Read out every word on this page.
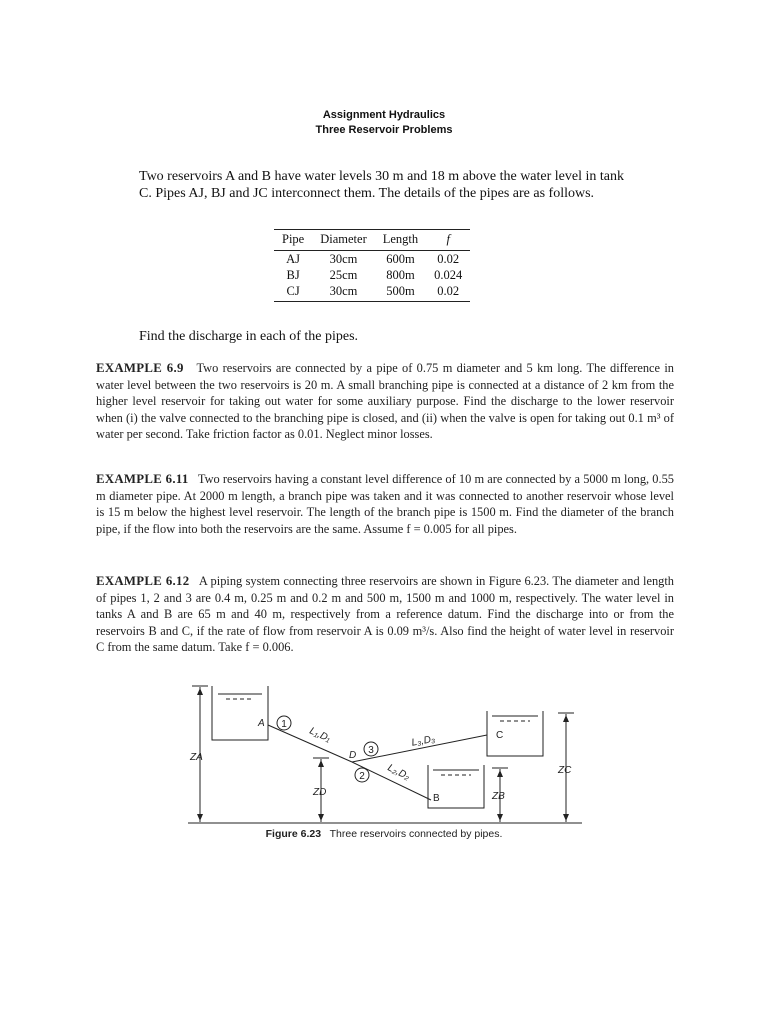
Assignment Hydraulics
Three Reservoir Problems
Two reservoirs A and B have water levels 30 m and 18 m above the water level in tank
C. Pipes AJ, BJ and JC interconnect them. The details of the pipes are as follows.
Pipe	Diameter	Length	f
AJ	30cm	600m	0.02
BJ	25cm	800m	0.024
CJ	30cm	500m	0.02
Find the discharge in each of the pipes.
EXAMPLE 6.9 Two reservoirs are connected by a pipe of 0.75 m diameter and 5 km long. The difference in water level between the two reservoirs is 20 m. A small branching pipe is connected at a distance of 2 km from the higher level reservoir for taking out water for some auxiliary purpose. Find the discharge to the lower reservoir when (i) the valve connected to the branching pipe is closed, and (ii) when the valve is open for taking out 0.1 m³ of water per second. Take friction factor as 0.01. Neglect minor losses.
EXAMPLE 6.11 Two reservoirs having a constant level difference of 10 m are connected by a 5000 m long, 0.55 m diameter pipe. At 2000 m length, a branch pipe was taken and it was connected to another reservoir whose level is 15 m below the highest level reservoir. The length of the branch pipe is 1500 m. Find the diameter of the branch pipe, if the flow into both the reservoirs are the same. Assume f = 0.005 for all pipes.
EXAMPLE 6.12 A piping system connecting three reservoirs are shown in Figure 6.23. The diameter and length of pipes 1, 2 and 3 are 0.4 m, 0.25 m and 0.2 m and 500 m, 1500 m and 1000 m, respectively. The water level in tanks A and B are 65 m and 40 m, respectively from a reference datum. Find the discharge into or from the reservoirs B and C, if the rate of flow from reservoir A is 0.09 m³/s. Also find the height of water level in reservoir C from the same datum. Take f = 0.006.
A
B
C
D
1
3
2
L₁,D₁	L₃,D₃
L₂,D₂
ZA
ZD	ZB
ZC
Figure 6.23 Three reservoirs connected by pipes.
